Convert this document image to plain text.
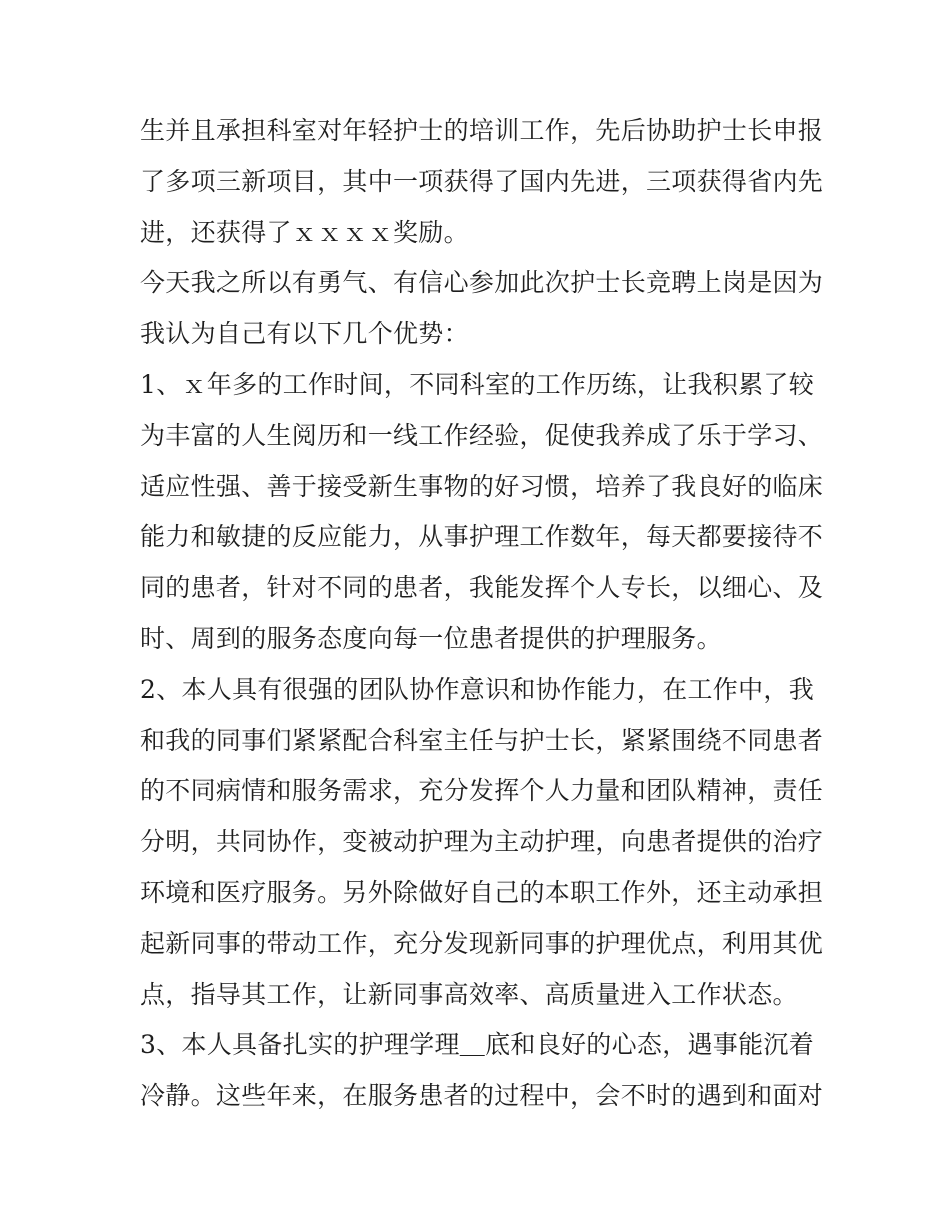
生并且承担科室对年轻护士的培训工作，先后协助护士长申报
了多项三新项目，其中一项获得了国内先进，三项获得省内先
进，还获得了ｘｘｘｘ奖励。
今天我之所以有勇气、有信心参加此次护士长竞聘上岗是因为
我认为自己有以下几个优势：
1、ｘ年多的工作时间，不同科室的工作历练，让我积累了较
为丰富的人生阅历和一线工作经验，促使我养成了乐于学习、
适应性强、善于接受新生事物的好习惯，培养了我良好的临床
能力和敏捷的反应能力，从事护理工作数年，每天都要接待不
同的患者，针对不同的患者，我能发挥个人专长，以细心、及
时、周到的服务态度向每一位患者提供的护理服务。
2、本人具有很强的团队协作意识和协作能力，在工作中，我
和我的同事们紧紧配合科室主任与护士长，紧紧围绕不同患者
的不同病情和服务需求，充分发挥个人力量和团队精神，责任
分明，共同协作，变被动护理为主动护理，向患者提供的治疗
环境和医疗服务。另外除做好自己的本职工作外，还主动承担
起新同事的带动工作，充分发现新同事的护理优点，利用其优
点，指导其工作，让新同事高效率、高质量进入工作状态。
3、本人具备扎实的护理学理＿底和良好的心态，遇事能沉着
冷静。这些年来，在服务患者的过程中，会不时的遇到和面对
